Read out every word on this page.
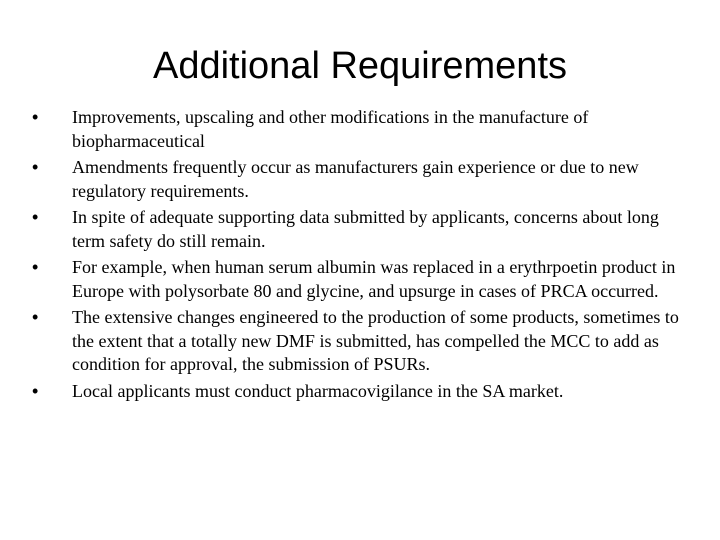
Additional Requirements
•	Improvements, upscaling and other modifications in the manufacture of biopharmaceutical
•	Amendments frequently occur as manufacturers gain experience or due to new regulatory requirements.
•	In spite of adequate supporting data submitted by applicants, concerns about long term safety do still remain.
•	For example, when human serum albumin was replaced in a erythrpoetin product in Europe with polysorbate 80 and glycine, and upsurge in cases of PRCA occurred.
•	The extensive changes engineered to the production of some products, sometimes to the extent that a totally new DMF is submitted, has compelled the MCC to add as condition for approval, the submission of PSURs.
•	Local applicants must conduct pharmacovigilance in the SA market.
